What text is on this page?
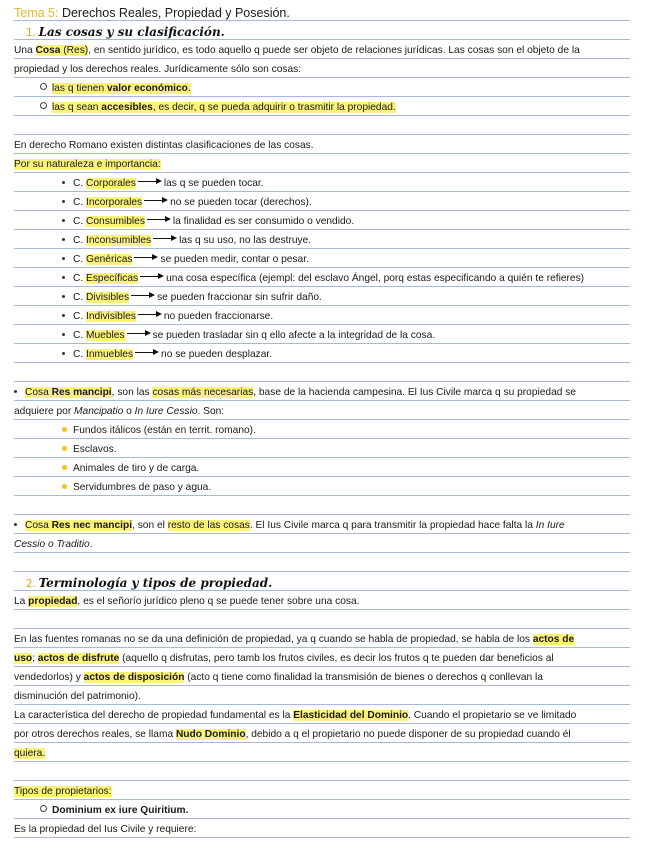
Tema 5: Derechos Reales, Propiedad y Posesión.
1. Las cosas y su clasificación.
Una Cosa (Res), en sentido jurídico, es todo aquello q puede ser objeto de relaciones jurídicas. Las cosas son el objeto de la
propiedad y los derechos reales. Jurídicamente sólo son cosas:
las q tienen valor económico.
las q sean accesibles, es decir, q se pueda adquirir o trasmitir la propiedad.
En derecho Romano existen distintas clasificaciones de las cosas.
Por su naturaleza e importancia:
C. Corporales	las q se pueden tocar.
C. Incorporales	no se pueden tocar (derechos).
C. Consumibles	la finalidad es ser consumido o vendido.
C. Inconsumibles	las q su uso, no las destruye.
C. Genéricas	se pueden medir, contar o pesar.
C. Específicas	una cosa específica (ejempl: del esclavo Ángel, porq estas especificando a quién te refieres)
C. Divisibles	se pueden fraccionar sin sufrir daño.
C. Indivisibles	no pueden fraccionarse.
C. Muebles	se pueden trasladar sin q ello afecte a la integridad de la cosa.
C. Inmuebles	no se pueden desplazar.
Cosa Res mancipi, son las cosas más necesarias, base de la hacienda campesina. El Ius Civile marca q su propiedad se
adquiere por Mancipatio o In Iure Cessio. Son:
Fundos itálicos (están en territ. romano).
Esclavos.
Animales de tiro y de carga.
Servidumbres de paso y agua.
Cosa Res nec mancipi, son el resto de las cosas. El Ius Civile marca q para transmitir la propiedad hace falta la In Iure
Cessio o Traditio.
2. Terminología y tipos de propiedad.
La propiedad, es el señorío jurídico pleno q se puede tener sobre una cosa.
En las fuentes romanas no se da una definición de propiedad, ya q cuando se habla de propiedad, se habla de los actos de
uso; actos de disfrute (aquello q disfrutas, pero tamb los frutos civiles, es decir los frutos q te pueden dar beneficios al
vendedorlos) y actos de disposición (acto q tiene como finalidad la transmisión de bienes o derechos q conllevan la
disminución del patrimonio).
La característica del derecho de propiedad fundamental es la Elasticidad del Dominio. Cuando el propietario se ve limitado
por otros derechos reales, se llama Nudo Dominio, debido a q el propietario no puede disponer de su propiedad cuando él
quiera.
Tipos de propietarios:
Dominium ex iure Quiritium.
Es la propiedad del Ius Civile y requiere:
